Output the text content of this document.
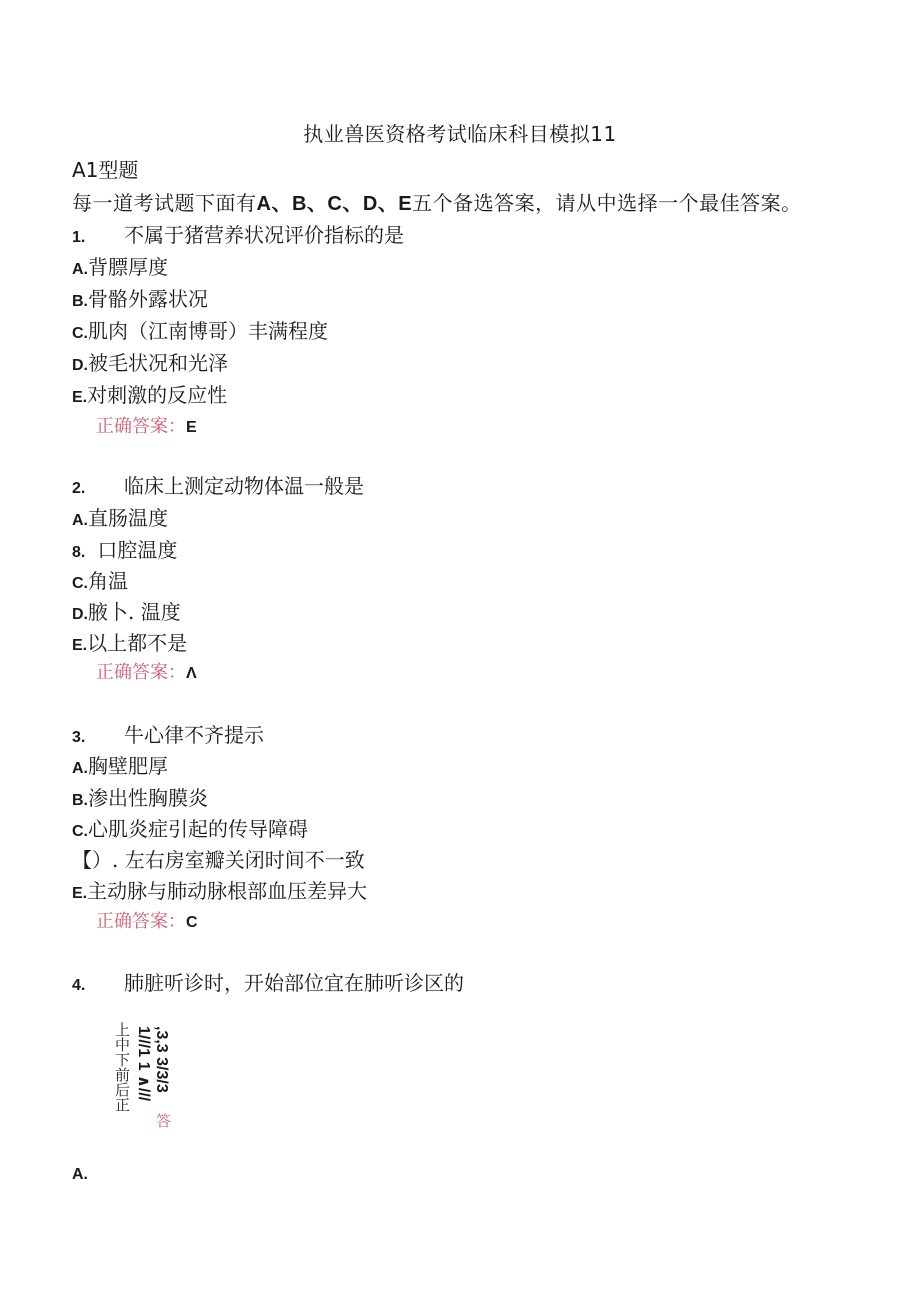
执业兽医资格考试临床科目模拟11
A1型题
每一道考试题下面有A、B、C、D、E五个备选答案，请从中选择一个最佳答案。
1. 不属于猪营养状况评价指标的是
A.背膘厚度
B.骨骼外露状况
C.肌肉（江南博哥）丰满程度
D.被毛状况和光泽
E.对刺激的反应性
正确答案：E
2. 临床上测定动物体温一般是
A.直肠温度
8. 口腔温度
C.角温
D.腋卜. 温度
E.以上都不是
正确答案：Λ
3. 牛心律不齐提示
A.胸壁肥厚
B.渗出性胸膜炎
C.心肌炎症引起的传导障碍
【）. 左右房室瓣关闭时间不一致
E.主动脉与肺动脉根部血压差异大
正确答案：C
4. 肺脏听诊时，开始部位宜在肺听诊区的
上中下前后正 1///1 1 ∧/// ,3,3 3/3/3
答
A.
